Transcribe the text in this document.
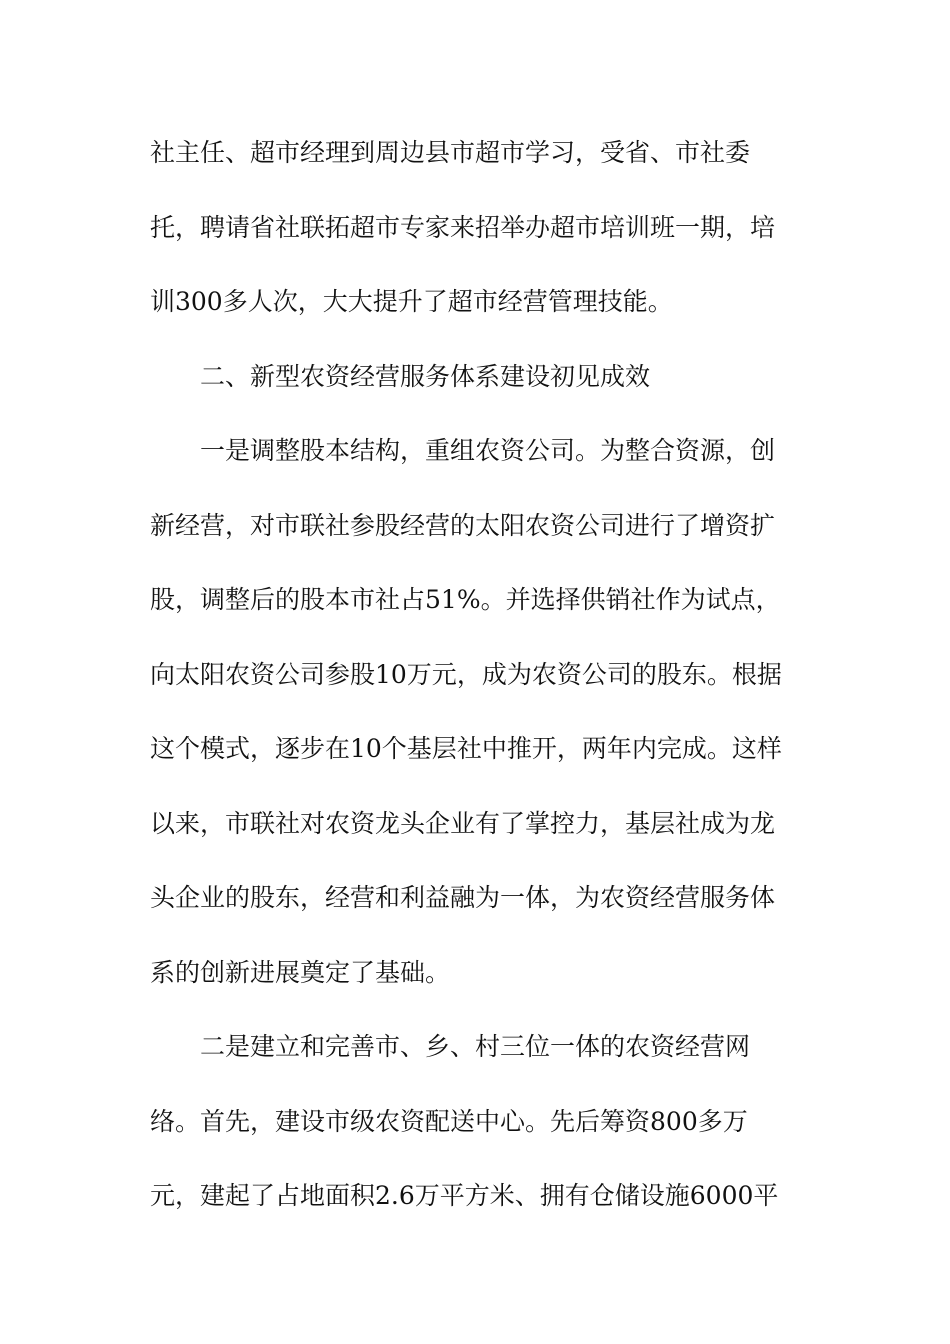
社主任、超市经理到周边县市超市学习，受省、市社委
托，聘请省社联拓超市专家来招举办超市培训班一期，培
训300多人次，大大提升了超市经营管理技能。
二、新型农资经营服务体系建设初见成效
一是调整股本结构，重组农资公司。为整合资源，创
新经营，对市联社参股经营的太阳农资公司进行了增资扩
股，调整后的股本市社占51%。并选择供销社作为试点，
向太阳农资公司参股10万元，成为农资公司的股东。根据
这个模式，逐步在10个基层社中推开，两年内完成。这样
以来，市联社对农资龙头企业有了掌控力，基层社成为龙
头企业的股东，经营和利益融为一体，为农资经营服务体
系的创新进展奠定了基础。
二是建立和完善市、乡、村三位一体的农资经营网
络。首先，建设市级农资配送中心。先后筹资800多万
元，建起了占地面积2.6万平方米、拥有仓储设施6000平
